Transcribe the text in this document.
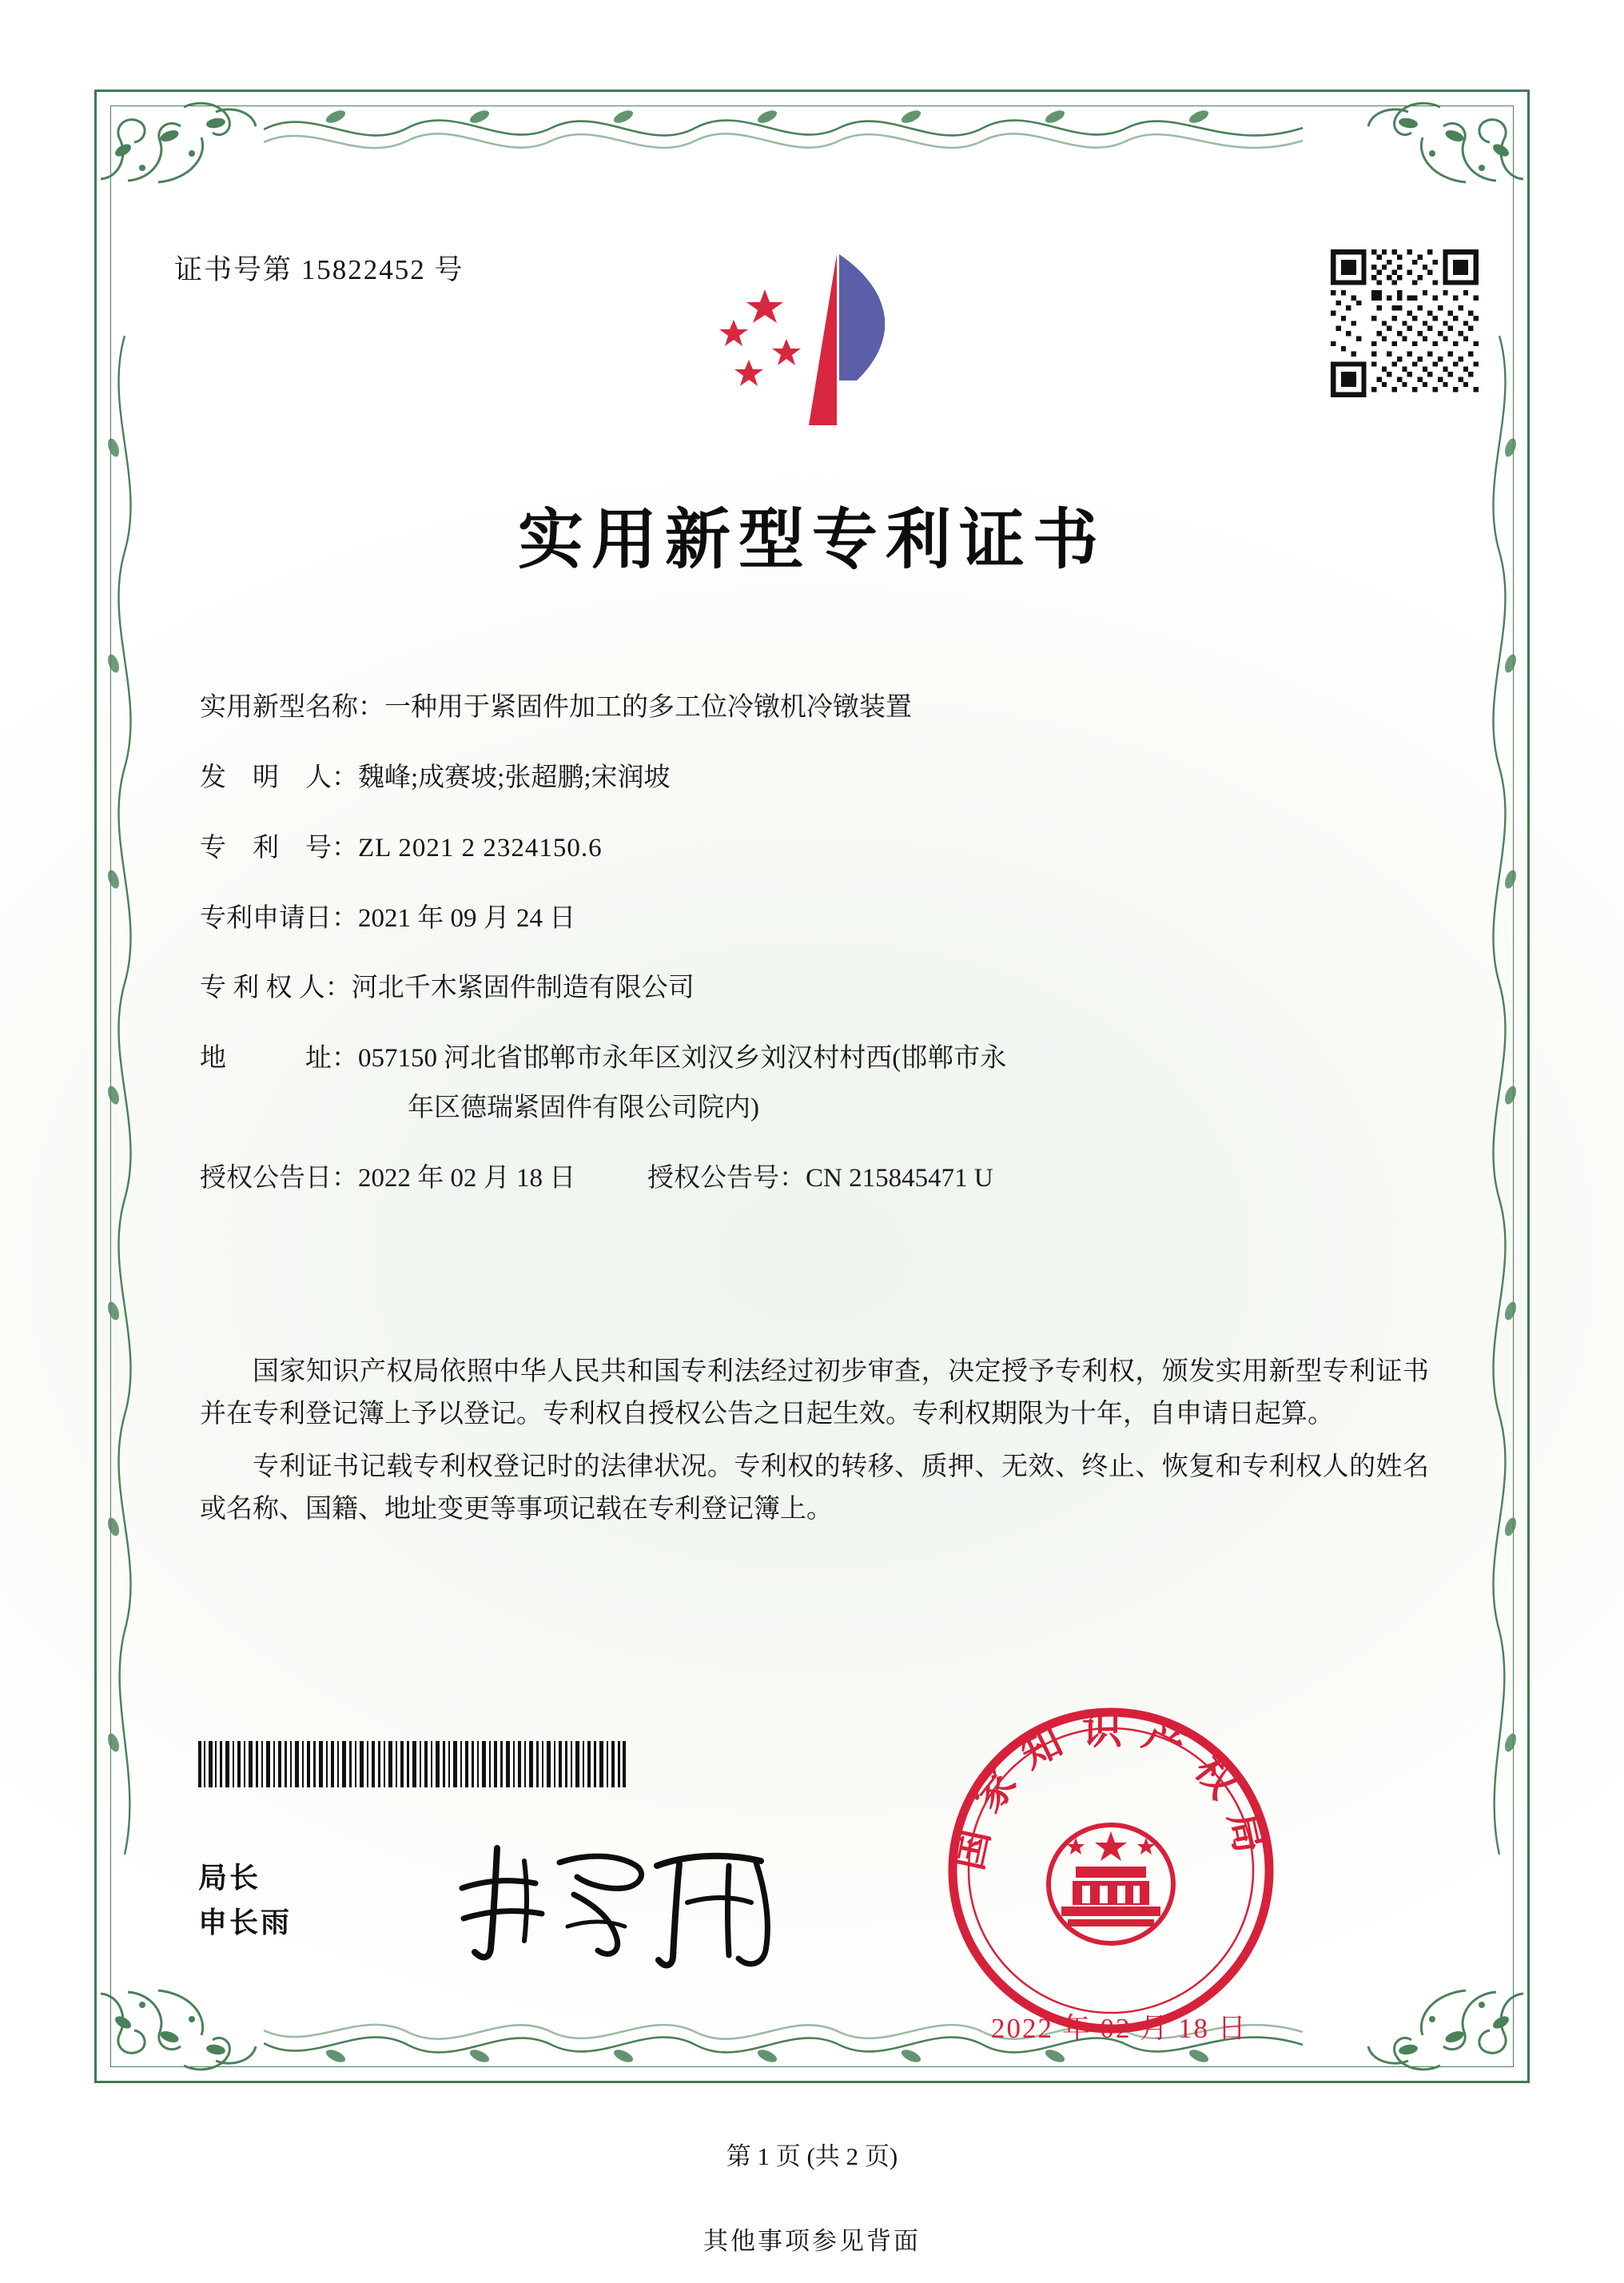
证书号第 15822452 号
实用新型专利证书
实用新型名称： 一种用于紧固件加工的多工位冷镦机冷镦装置
发　明　人： 魏峰;成赛坡;张超鹏;宋润坡
专　利　号： ZL 2021 2 2324150.6
专利申请日： 2021 年 09 月 24 日
专 利 权 人： 河北千木紧固件制造有限公司
地　　　址： 057150 河北省邯郸市永年区刘汉乡刘汉村村西(邯郸市永
年区德瑞紧固件有限公司院内)
授权公告日：2022 年 02 月 18 日	授权公告号：CN 215845471 U

国家知识产权局依照中华人民共和国专利法经过初步审查，决定授予专利权，颁发实用新型专利证书并在专利登记簿上予以登记。专利权自授权公告之日起生效。专利权期限为十年，自申请日起算。

专利证书记载专利权登记时的法律状况。专利权的转移、质押、无效、终止、恢复和专利权人的姓名或名称、国籍、地址变更等事项记载在专利登记簿上。

局长
申长雨
国家知识产权局
2022 年 02 月 18 日
第 1 页 (共 2 页)
其他事项参见背面
